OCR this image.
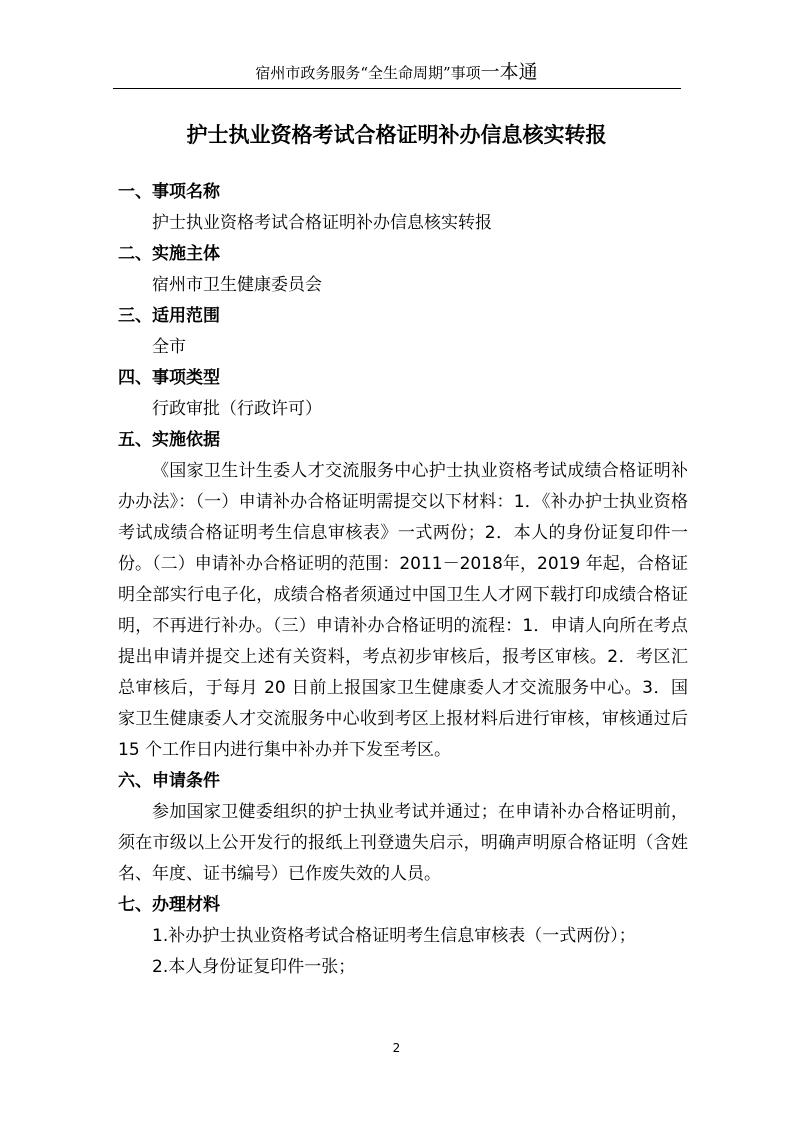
宿州市政务服务“全生命周期”事项一本通
护士执业资格考试合格证明补办信息核实转报
一、事项名称
护士执业资格考试合格证明补办信息核实转报
二、实施主体
宿州市卫生健康委员会
三、适用范围
全市
四、事项类型
行政审批（行政许可）
五、实施依据
《国家卫生计生委人才交流服务中心护士执业资格考试成绩合格证明补办办法》：（一）申请补办合格证明需提交以下材料：1．《补办护士执业资格考试成绩合格证明考生信息审核表》一式两份；2．本人的身份证复印件一份。（二）申请补办合格证明的范围：2011－2018年，2019 年起，合格证明全部实行电子化，成绩合格者须通过中国卫生人才网下载打印成绩合格证明，不再进行补办。（三）申请补办合格证明的流程：1．申请人向所在考点提出申请并提交上述有关资料，考点初步审核后，报考区审核。2．考区汇总审核后，于每月 20 日前上报国家卫生健康委人才交流服务中心。3．国家卫生健康委人才交流服务中心收到考区上报材料后进行审核，审核通过后 15 个工作日内进行集中补办并下发至考区。
六、申请条件
参加国家卫健委组织的护士执业考试并通过；在申请补办合格证明前，须在市级以上公开发行的报纸上刊登遗失启示，明确声明原合格证明（含姓名、年度、证书编号）已作废失效的人员。
七、办理材料
1.补办护士执业资格考试合格证明考生信息审核表（一式两份）；
2.本人身份证复印件一张；
2
